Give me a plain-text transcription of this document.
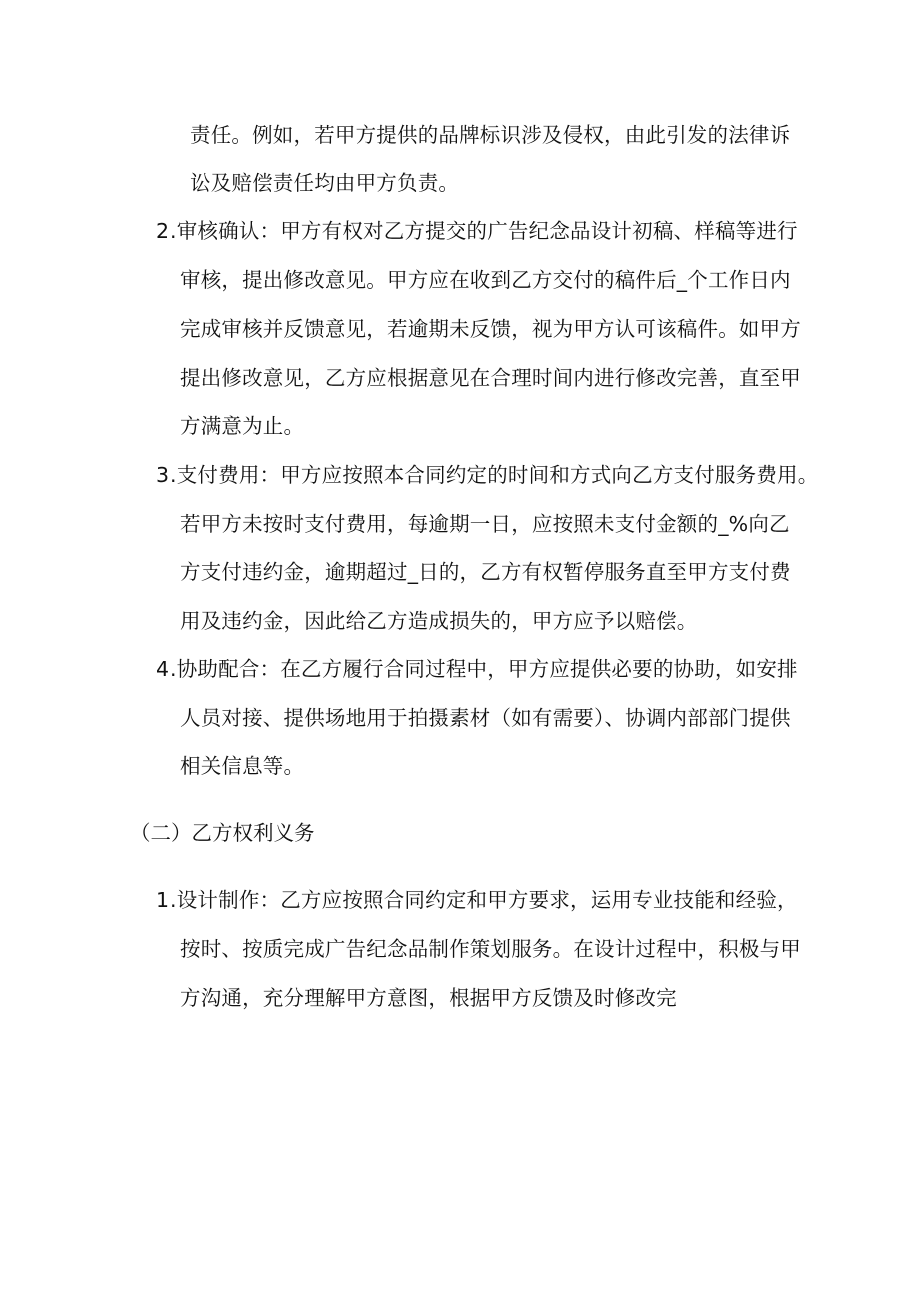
责任。例如，若甲方提供的品牌标识涉及侵权，由此引发的法律诉
讼及赔偿责任均由甲方负责。
2 .审核确认：甲方有权对乙方提交的广告纪念品设计初稿、样稿等进行
审核，提出修改意见。甲方应在收到乙方交付的稿件后_个工作日内
完成审核并反馈意见，若逾期未反馈，视为甲方认可该稿件。如甲方
提出修改意见，乙方应根据意见在合理时间内进行修改完善，直至甲
方满意为止。
3 .支付费用：甲方应按照本合同约定的时间和方式向乙方支付服务费用。
若甲方未按时支付费用，每逾期一日，应按照未支付金额的_%向乙
方支付违约金，逾期超过_日的，乙方有权暂停服务直至甲方支付费
用及违约金，因此给乙方造成损失的，甲方应予以赔偿。
4 .协助配合：在乙方履行合同过程中，甲方应提供必要的协助，如安排
人员对接、提供场地用于拍摄素材（如有需要）、协调内部部门提供
相关信息等。
（二）乙方权利义务
1 .设计制作：乙方应按照合同约定和甲方要求，运用专业技能和经验，
按时、按质完成广告纪念品制作策划服务。在设计过程中，积极与甲
方沟通，充分理解甲方意图，根据甲方反馈及时修改完
